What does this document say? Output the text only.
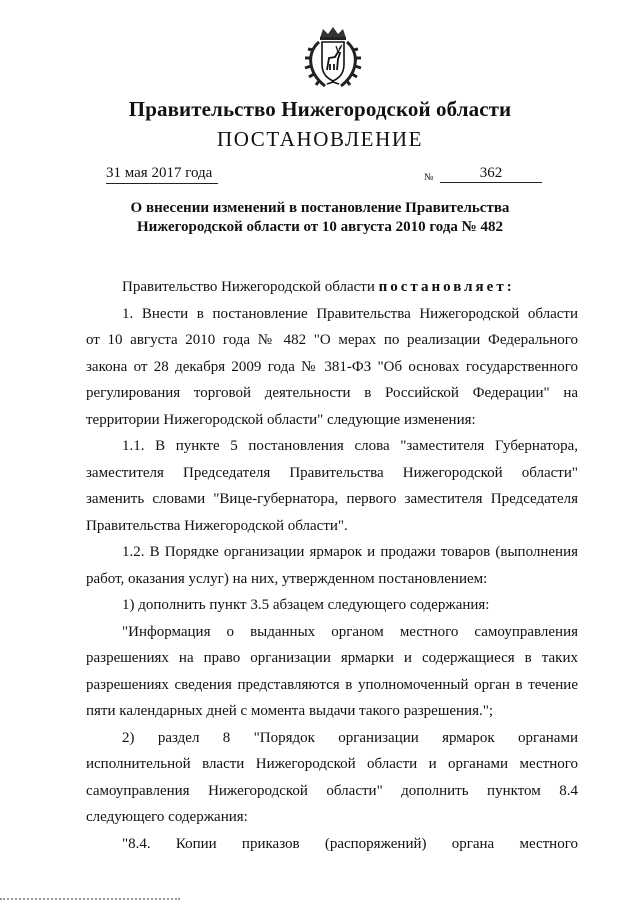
Правительство Нижегородской области
ПОСТАНОВЛЕНИЕ
31 мая 2017 года	№	362
О внесении изменений в постановление Правительства
Нижегородской области от 10 августа 2010 года № 482
Правительство Нижегородской области постановляет:
1. Внести в постановление Правительства Нижегородской области
от 10 августа 2010 года № 482 "О мерах по реализации Федерального
закона от 28 декабря 2009 года № 381-ФЗ "Об основах государственного
регулирования торговой деятельности в Российской Федерации" на
территории Нижегородской области" следующие изменения:
1.1. В пункте 5 постановления слова "заместителя Губернатора,
заместителя Председателя Правительства Нижегородской области"
заменить словами "Вице-губернатора, первого заместителя Председателя
Правительства Нижегородской области".
1.2. В Порядке организации ярмарок и продажи товаров (выполнения
работ, оказания услуг) на них, утвержденном постановлением:
1) дополнить пункт 3.5 абзацем следующего содержания:
"Информация о выданных органом местного самоуправления
разрешениях на право организации ярмарки и содержащиеся в таких
разрешениях сведения представляются в уполномоченный орган в течение
пяти календарных дней с момента выдачи такого разрешения.";
2) раздел 8 "Порядок организации ярмарок органами
исполнительной власти Нижегородской области и органами местного
самоуправления Нижегородской области" дополнить пунктом 8.4
следующего содержания:
"8.4. Копии приказов (распоряжений) органа местного
